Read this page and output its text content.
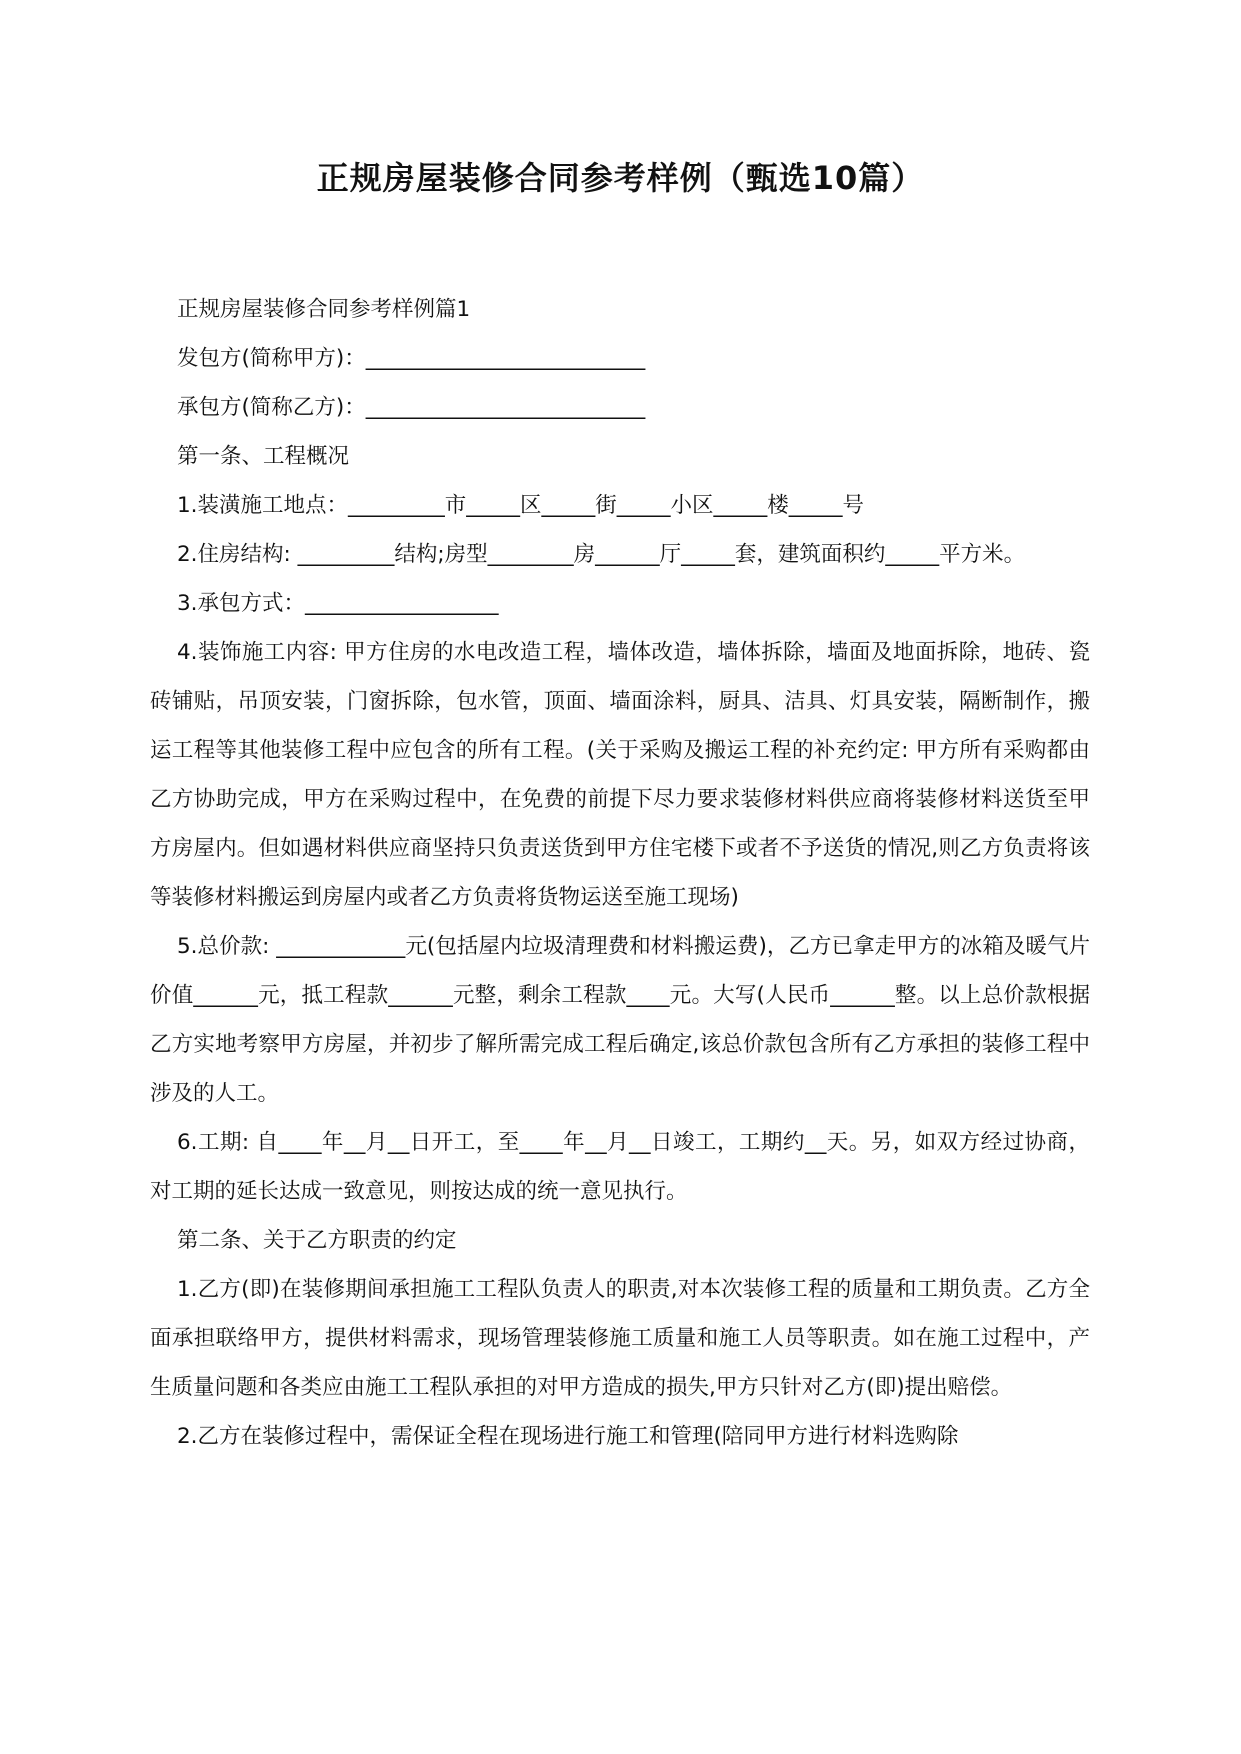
正规房屋装修合同参考样例（甄选10篇）

正规房屋装修合同参考样例篇1

发包方(简称甲方)：__________________________

承包方(简称乙方)：__________________________

第一条、工程概况

1.装潢施工地点：_________市_____区_____街_____小区_____楼_____号

2.住房结构: _________结构;房型________房______厅_____套，建筑面积约_____平方米。

3.承包方式：__________________

4.装饰施工内容: 甲方住房的水电改造工程，墙体改造，墙体拆除，墙面及地面拆除，地砖、瓷砖铺贴，吊顶安装，门窗拆除，包水管，顶面、墙面涂料，厨具、洁具、灯具安装，隔断制作，搬运工程等其他装修工程中应包含的所有工程。(关于采购及搬运工程的补充约定: 甲方所有采购都由乙方协助完成，甲方在采购过程中，在免费的前提下尽力要求装修材料供应商将装修材料送货至甲方房屋内。但如遇材料供应商坚持只负责送货到甲方住宅楼下或者不予送货的情况,则乙方负责将该等装修材料搬运到房屋内或者乙方负责将货物运送至施工现场)

5.总价款: ____________元(包括屋内垃圾清理费和材料搬运费)，乙方已拿走甲方的冰箱及暖气片价值______元，抵工程款______元整，剩余工程款____元。大写(人民币______整。以上总价款根据乙方实地考察甲方房屋，并初步了解所需完成工程后确定,该总价款包含所有乙方承担的装修工程中涉及的人工。

6.工期: 自____年__月__日开工，至____年__月__日竣工，工期约__天。另，如双方经过协商，对工期的延长达成一致意见，则按达成的统一意见执行。

第二条、关于乙方职责的约定

1.乙方(即)在装修期间承担施工工程队负责人的职责,对本次装修工程的质量和工期负责。乙方全面承担联络甲方，提供材料需求，现场管理装修施工质量和施工人员等职责。如在施工过程中，产生质量问题和各类应由施工工程队承担的对甲方造成的损失,甲方只针对乙方(即)提出赔偿。

2.乙方在装修过程中，需保证全程在现场进行施工和管理(陪同甲方进行材料选购除
